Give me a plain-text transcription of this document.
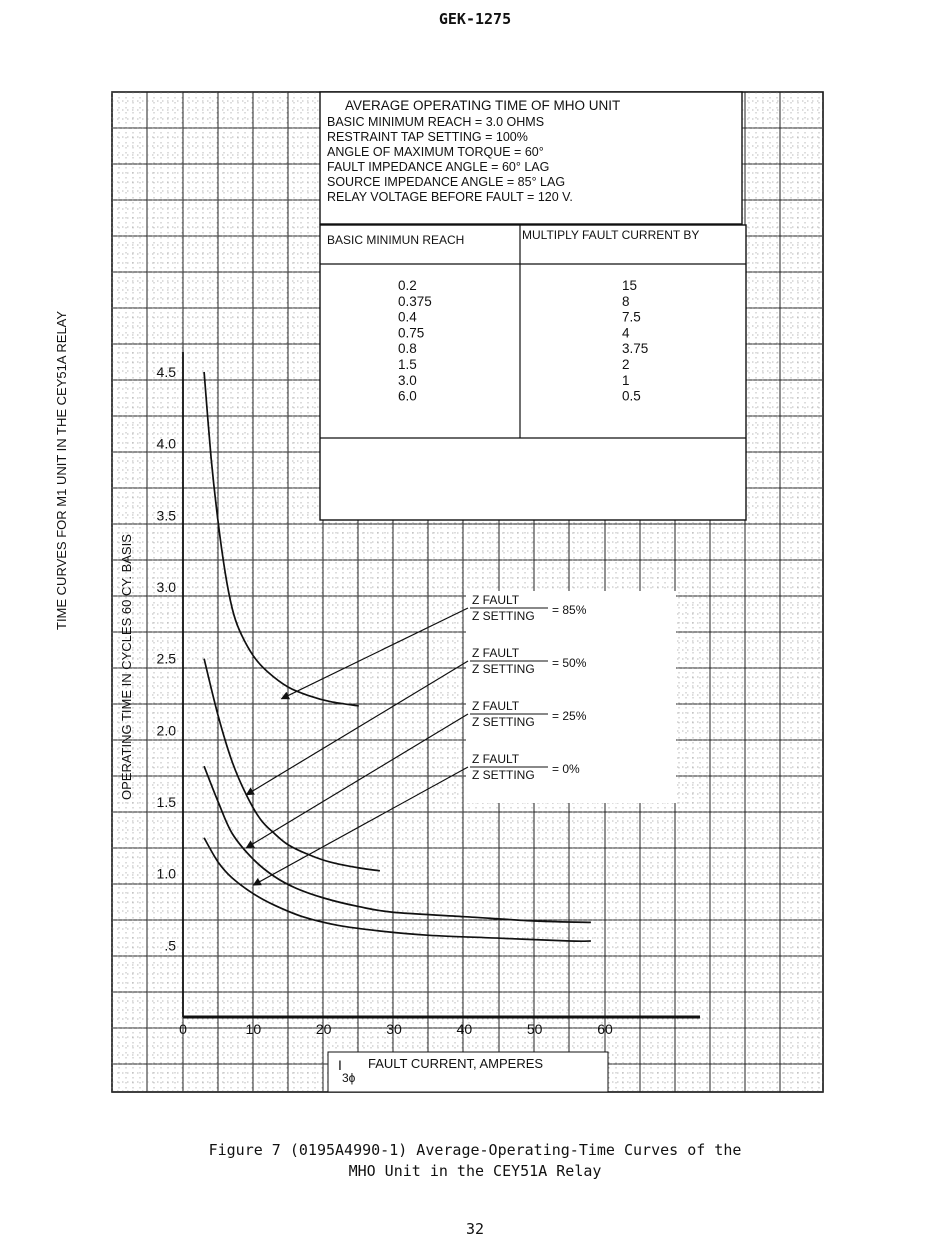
GEK-1275
AVERAGE OPERATING TIME OF MHO UNIT
BASIC MINIMUM REACH = 3.0 OHMS
RESTRAINT TAP SETTING = 100%
ANGLE OF MAXIMUM TORQUE = 60°
FAULT IMPEDANCE ANGLE = 60° LAG
SOURCE IMPEDANCE ANGLE = 85° LAG
RELAY VOLTAGE BEFORE FAULT = 120 V.
BASIC MINIMUN REACH	MULTIPLY FAULT CURRENT BY
0.2	15
0.375	8
0.4	7.5
0.75	4
0.8	3.75
1.5	2
3.0	1
6.0	0.5
0	10	20	30	40	50	60
.5
1.0
1.5
2.0
2.5
3.0
3.5
4.0
4.5
Z FAULT
Z SETTING = 85%
Z FAULT
Z SETTING = 50%
Z FAULT
Z SETTING = 25%
Z FAULT
Z SETTING = 0%
TIME CURVES FOR M1 UNIT IN THE CEY51A RELAY
OPERATING TIME IN CYCLES 60 CY. BASIS
I
3ϕ
FAULT CURRENT, AMPERES
Figure 7 (0195A4990-1) Average-Operating-Time Curves of the
MHO Unit in the CEY51A Relay
32
